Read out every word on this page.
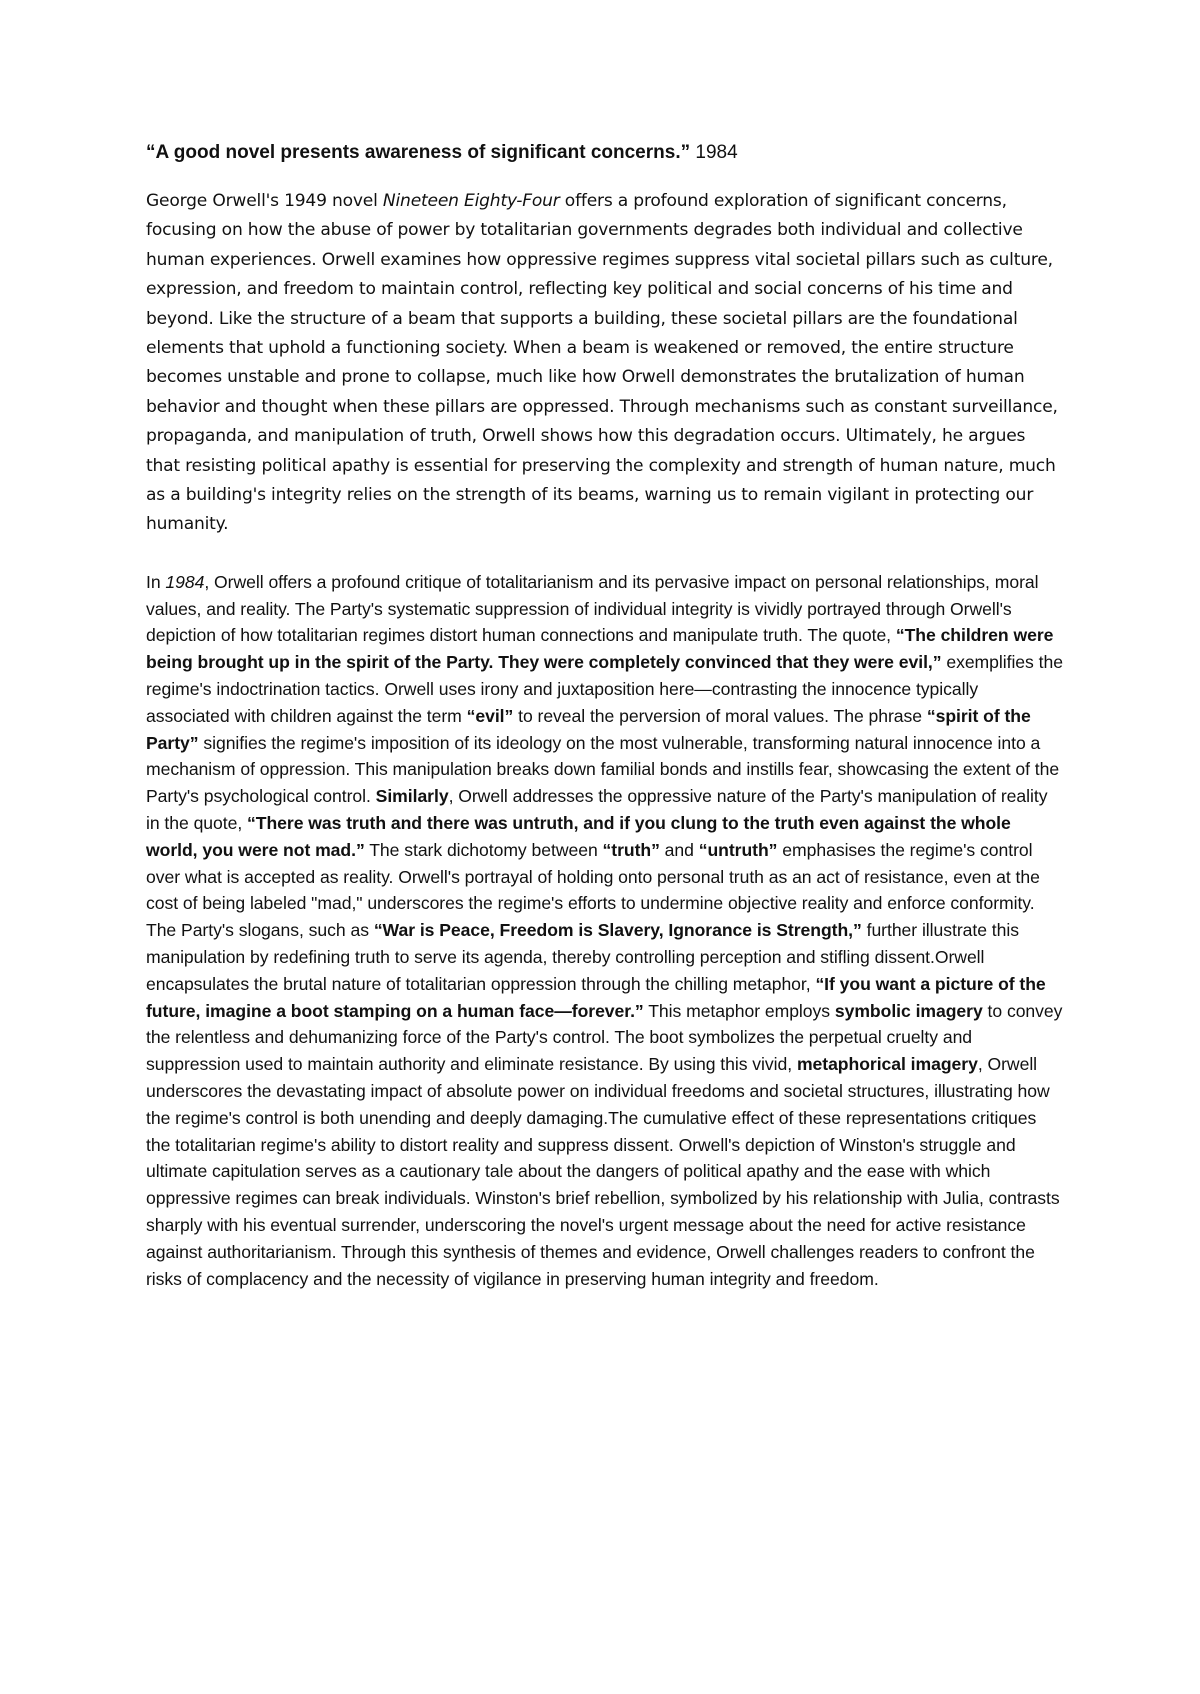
“A good novel presents awareness of significant concerns.” 1984

George Orwell's 1949 novel Nineteen Eighty-Four offers a profound exploration of significant concerns, focusing on how the abuse of power by totalitarian governments degrades both individual and collective human experiences. Orwell examines how oppressive regimes suppress vital societal pillars such as culture, expression, and freedom to maintain control, reflecting key political and social concerns of his time and beyond. Like the structure of a beam that supports a building, these societal pillars are the foundational elements that uphold a functioning society. When a beam is weakened or removed, the entire structure becomes unstable and prone to collapse, much like how Orwell demonstrates the brutalization of human behavior and thought when these pillars are oppressed. Through mechanisms such as constant surveillance, propaganda, and manipulation of truth, Orwell shows how this degradation occurs. Ultimately, he argues that resisting political apathy is essential for preserving the complexity and strength of human nature, much as a building's integrity relies on the strength of its beams, warning us to remain vigilant in protecting our humanity.

In 1984, Orwell offers a profound critique of totalitarianism and its pervasive impact on personal relationships, moral values, and reality. The Party's systematic suppression of individual integrity is vividly portrayed through Orwell's depiction of how totalitarian regimes distort human connections and manipulate truth. The quote, “The children were being brought up in the spirit of the Party. They were completely convinced that they were evil,” exemplifies the regime's indoctrination tactics. Orwell uses irony and juxtaposition here—contrasting the innocence typically associated with children against the term “evil” to reveal the perversion of moral values. The phrase “spirit of the Party” signifies the regime's imposition of its ideology on the most vulnerable, transforming natural innocence into a mechanism of oppression. This manipulation breaks down familial bonds and instills fear, showcasing the extent of the Party's psychological control. Similarly, Orwell addresses the oppressive nature of the Party's manipulation of reality in the quote, “There was truth and there was untruth, and if you clung to the truth even against the whole world, you were not mad.” The stark dichotomy between “truth” and “untruth” emphasises the regime's control over what is accepted as reality. Orwell's portrayal of holding onto personal truth as an act of resistance, even at the cost of being labeled "mad," underscores the regime's efforts to undermine objective reality and enforce conformity. The Party's slogans, such as “War is Peace, Freedom is Slavery, Ignorance is Strength,” further illustrate this manipulation by redefining truth to serve its agenda, thereby controlling perception and stifling dissent.Orwell encapsulates the brutal nature of totalitarian oppression through the chilling metaphor, “If you want a picture of the future, imagine a boot stamping on a human face—forever.” This metaphor employs symbolic imagery to convey the relentless and dehumanizing force of the Party's control. The boot symbolizes the perpetual cruelty and suppression used to maintain authority and eliminate resistance. By using this vivid, metaphorical imagery, Orwell underscores the devastating impact of absolute power on individual freedoms and societal structures, illustrating how the regime's control is both unending and deeply damaging.The cumulative effect of these representations critiques the totalitarian regime's ability to distort reality and suppress dissent. Orwell's depiction of Winston's struggle and ultimate capitulation serves as a cautionary tale about the dangers of political apathy and the ease with which oppressive regimes can break individuals. Winston's brief rebellion, symbolized by his relationship with Julia, contrasts sharply with his eventual surrender, underscoring the novel's urgent message about the need for active resistance against authoritarianism. Through this synthesis of themes and evidence, Orwell challenges readers to confront the risks of complacency and the necessity of vigilance in preserving human integrity and freedom.
